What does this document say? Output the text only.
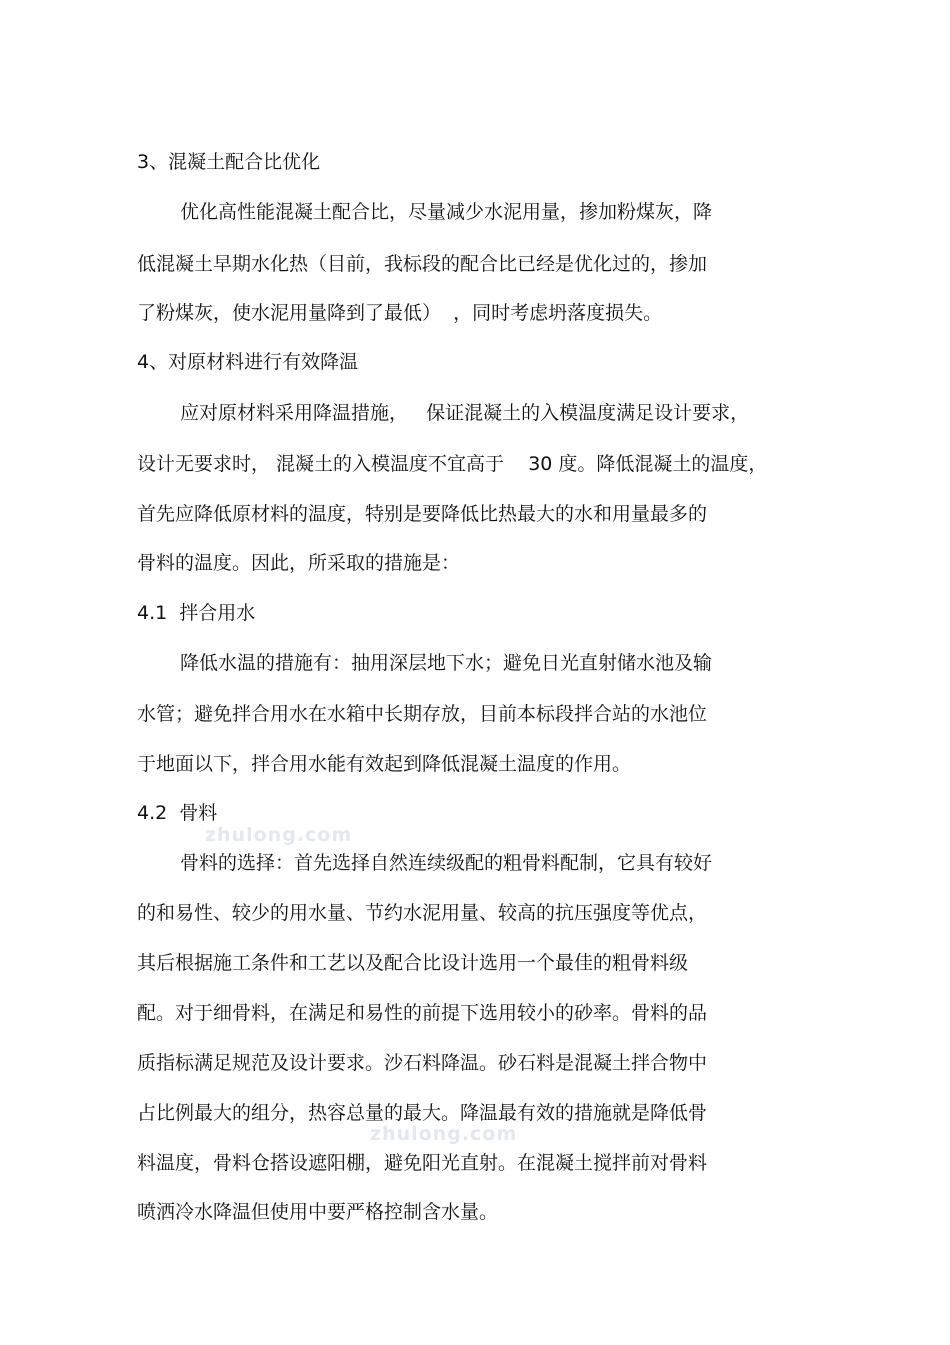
3、混凝土配合比优化
优化高性能混凝土配合比，尽量减少水泥用量，掺加粉煤灰，降
低混凝土早期水化热（目前，我标段的配合比已经是优化过的，掺加
了粉煤灰，使水泥用量降到了最低）  ，同时考虑坍落度损失。
4、对原材料进行有效降温
应对原材料采用降温措施，   保证混凝土的入模温度满足设计要求，
设计无要求时， 混凝土的入模温度不宜高于    30 度。降低混凝土的温度，
首先应降低原材料的温度，特别是要降低比热最大的水和用量最多的
骨料的温度。因此，所采取的措施是：
4.1  拌合用水
降低水温的措施有：抽用深层地下水；避免日光直射储水池及输
水管；避免拌合用水在水箱中长期存放，目前本标段拌合站的水池位
于地面以下，拌合用水能有效起到降低混凝土温度的作用。
4.2  骨料
zhulong.com
骨料的选择：首先选择自然连续级配的粗骨料配制，它具有较好
的和易性、较少的用水量、节约水泥用量、较高的抗压强度等优点，
其后根据施工条件和工艺以及配合比设计选用一个最佳的粗骨料级
配。对于细骨料，在满足和易性的前提下选用较小的砂率。骨料的品
质指标满足规范及设计要求。沙石料降温。砂石料是混凝土拌合物中
占比例最大的组分，热容总量的最大。降温最有效的措施就是降低骨
zhulong.com
料温度，骨料仓搭设遮阳棚，避免阳光直射。在混凝土搅拌前对骨料
喷洒冷水降温但使用中要严格控制含水量。
